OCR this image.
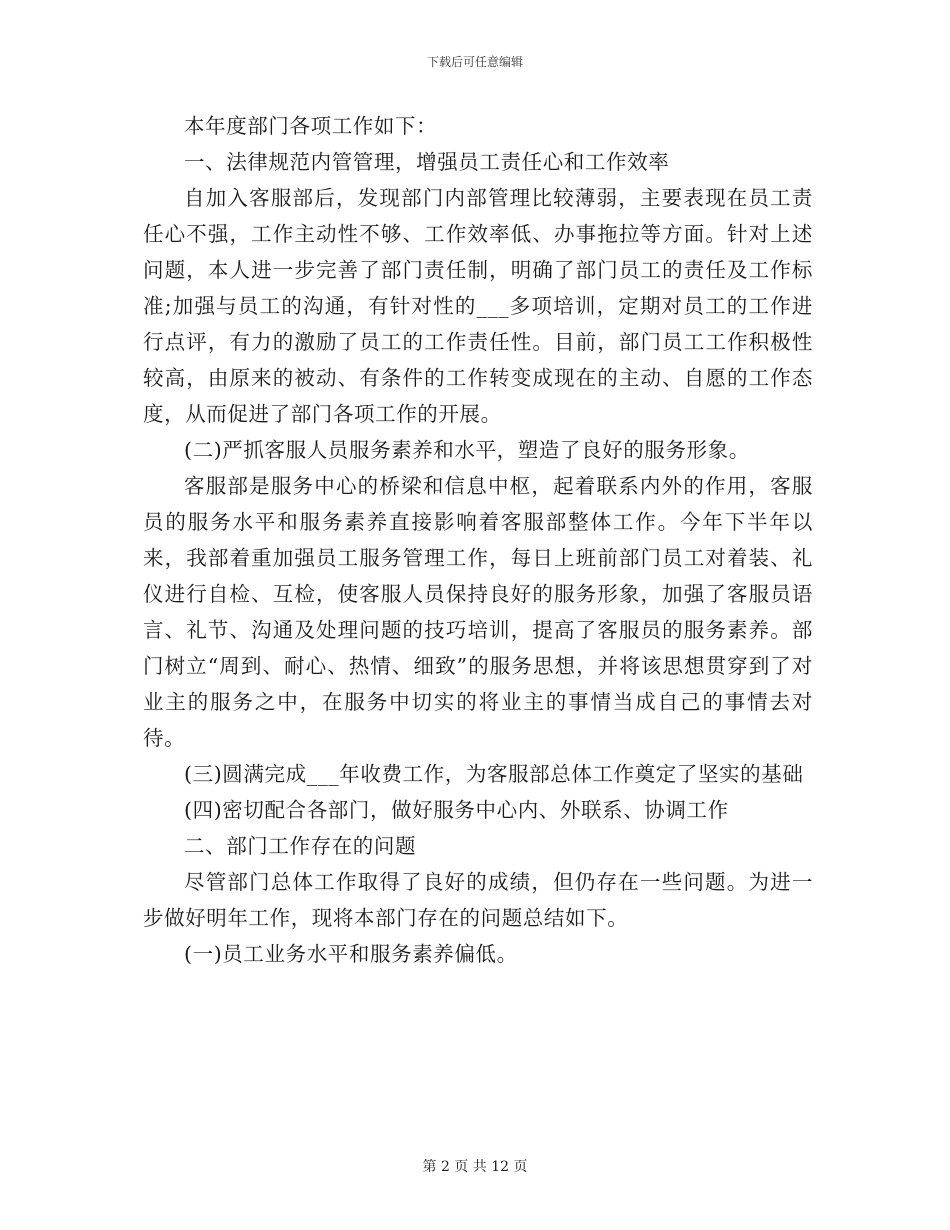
下载后可任意编辑

本年度部门各项工作如下：

一、法律规范内管管理，增强员工责任心和工作效率

自加入客服部后，发现部门内部管理比较薄弱，主要表现在员工责任心不强，工作主动性不够、工作效率低、办事拖拉等方面。针对上述问题，本人进一步完善了部门责任制，明确了部门员工的责任及工作标准;加强与员工的沟通，有针对性的___多项培训，定期对员工的工作进行点评，有力的激励了员工的工作责任性。目前，部门员工工作积极性较高，由原来的被动、有条件的工作转变成现在的主动、自愿的工作态度，从而促进了部门各项工作的开展。

(二)严抓客服人员服务素养和水平，塑造了良好的服务形象。

客服部是服务中心的桥梁和信息中枢，起着联系内外的作用，客服员的服务水平和服务素养直接影响着客服部整体工作。今年下半年以来，我部着重加强员工服务管理工作，每日上班前部门员工对着装、礼仪进行自检、互检，使客服人员保持良好的服务形象，加强了客服员语言、礼节、沟通及处理问题的技巧培训，提高了客服员的服务素养。部门树立“周到、耐心、热情、细致”的服务思想，并将该思想贯穿到了对业主的服务之中，在服务中切实的将业主的事情当成自己的事情去对待。

(三)圆满完成___年收费工作，为客服部总体工作奠定了坚实的基础

(四)密切配合各部门，做好服务中心内、外联系、协调工作

二、部门工作存在的问题

尽管部门总体工作取得了良好的成绩，但仍存在一些问题。为进一步做好明年工作，现将本部门存在的问题总结如下。

(一)员工业务水平和服务素养偏低。

第 2 页 共 12 页
